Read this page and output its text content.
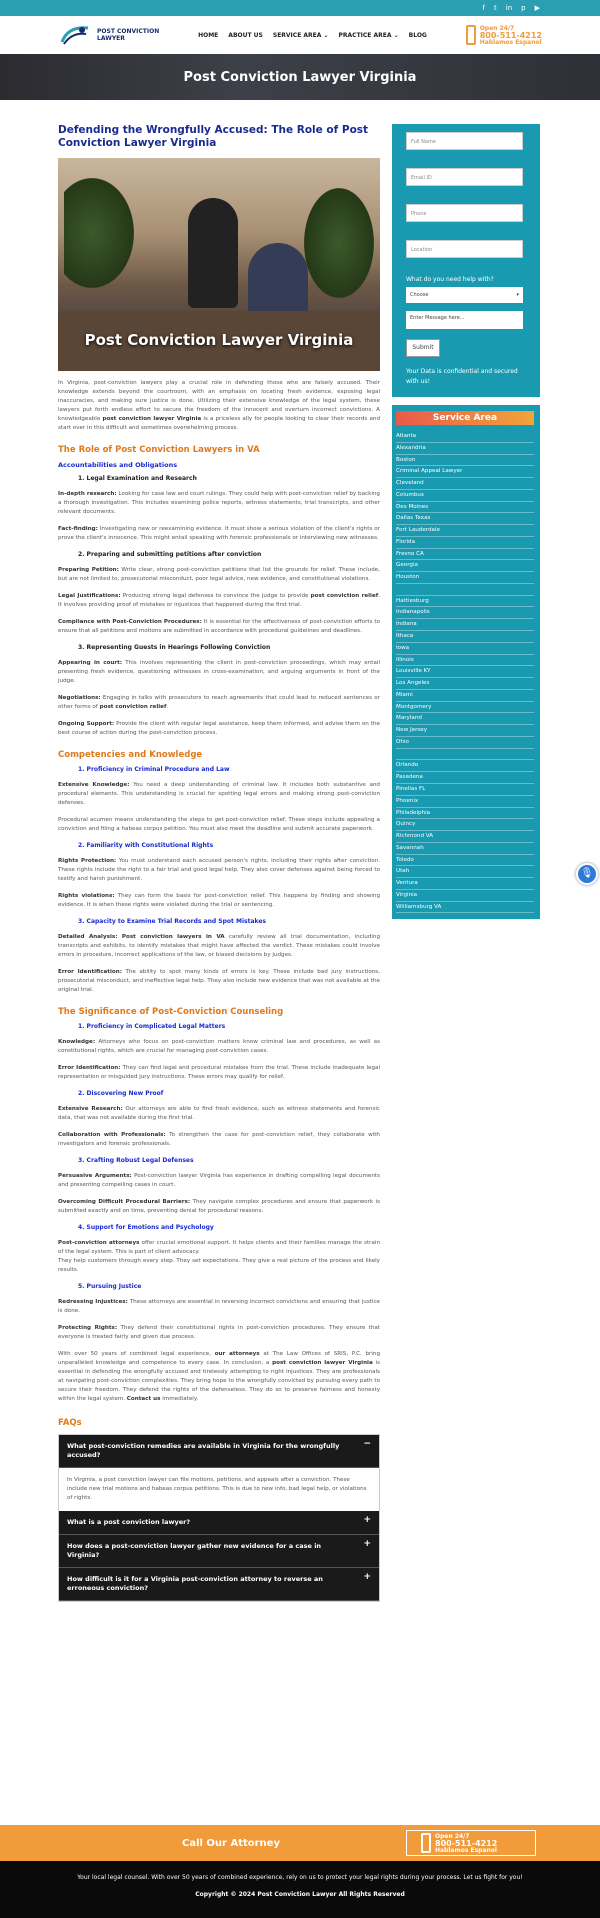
f t in p ▶
POST CONVICTION
LAWYER	HOME ABOUT US SERVICE AREA ⌄ PRACTICE AREA ⌄ BLOG
Open 24/7
800-511-4212
Hablamos Espanol
Post Conviction Lawyer Virginia
Defending the Wrongfully Accused: The Role of Post Conviction Lawyer Virginia
Post Conviction Lawyer Virginia

In Virginia, post-conviction lawyers play a crucial role in defending those who are falsely accused. Their knowledge extends beyond the courtroom, with an emphasis on locating fresh evidence, exposing legal inaccuracies, and making sure justice is done. Utilizing their extensive knowledge of the legal system, these lawyers put forth endless effort to secure the freedom of the innocent and overturn incorrect convictions. A knowledgeable post conviction lawyer Virginia is a priceless ally for people looking to clear their records and start over in this difficult and sometimes overwhelming process.

The Role of Post Conviction Lawyers in VA
Accountabilities and Obligations
1. Legal Examination and Research

In-depth research: Looking for case law and court rulings. They could help with post-conviction relief by backing a thorough investigation. This includes examining police reports, witness statements, trial transcripts, and other relevant documents.

Fact-finding: Investigating new or reexamining evidence. It must show a serious violation of the client's rights or prove the client's innocence. This might entail speaking with forensic professionals or interviewing new witnesses.

2. Preparing and submitting petitions after conviction

Preparing Petition: Write clear, strong post-conviction petitions that list the grounds for relief. These include, but are not limited to, prosecutorial misconduct, poor legal advice, new evidence, and constitutional violations.

Legal Justifications: Producing strong legal defenses to convince the judge to provide post conviction relief. It involves providing proof of mistakes or injustices that happened during the first trial.

Compliance with Post-Conviction Procedures: It is essential for the effectiveness of post-conviction efforts to ensure that all petitions and motions are submitted in accordance with procedural guidelines and deadlines.

3. Representing Guests in Hearings Following Conviction

Appearing in court: This involves representing the client in post-conviction proceedings, which may entail presenting fresh evidence, questioning witnesses in cross-examination, and arguing arguments in front of the judge.

Negotiations: Engaging in talks with prosecutors to reach agreements that could lead to reduced sentences or other forms of post conviction relief.

Ongoing Support: Provide the client with regular legal assistance, keep them informed, and advise them on the best course of action during the post-conviction process.

Competencies and Knowledge
1. Proficiency in Criminal Procedure and Law

Extensive Knowledge: You need a deep understanding of criminal law. It includes both substantive and procedural elements. This understanding is crucial for spotting legal errors and making strong post-conviction defenses.

Procedural acumen means understanding the steps to get post-conviction relief. These steps include appealing a conviction and filing a habeas corpus petition. You must also meet the deadline and submit accurate paperwork.

2. Familiarity with Constitutional Rights

Rights Protection: You must understand each accused person's rights, including their rights after conviction. These rights include the right to a fair trial and good legal help. They also cover defenses against being forced to testify and harsh punishment.

Rights violations: They can form the basis for post-conviction relief. This happens by finding and showing evidence. It is when these rights were violated during the trial or sentencing.

3. Capacity to Examine Trial Records and Spot Mistakes

Detailed Analysis: Post conviction lawyers in VA carefully review all trial documentation, including transcripts and exhibits, to identify mistakes that might have affected the verdict. These mistakes could involve errors in procedure, incorrect applications of the law, or biased decisions by judges.

Error Identification: The ability to spot many kinds of errors is key. These include bad jury instructions, prosecutorial misconduct, and ineffective legal help. They also include new evidence that was not available at the original trial.

The Significance of Post-Conviction Counseling
1. Proficiency in Complicated Legal Matters

Knowledge: Attorneys who focus on post-conviction matters know criminal law and procedures, as well as constitutional rights, which are crucial for managing post-conviction cases.

Error Identification: They can find legal and procedural mistakes from the trial. These include inadequate legal representation or misguided jury instructions. These errors may qualify for relief.

2. Discovering New Proof

Extensive Research: Our attorneys are able to find fresh evidence, such as witness statements and forensic data, that was not available during the first trial.

Collaboration with Professionals: To strengthen the case for post-conviction relief, they collaborate with investigators and forensic professionals.

3. Crafting Robust Legal Defenses

Persuasive Arguments: Post-conviction lawyer Virginia has experience in drafting compelling legal documents and presenting compelling cases in court.

Overcoming Difficult Procedural Barriers: They navigate complex procedures and ensure that paperwork is submitted exactly and on time, preventing denial for procedural reasons.

4. Support for Emotions and Psychology

Post-conviction attorneys offer crucial emotional support. It helps clients and their families manage the strain of the legal system. This is part of client advocacy.

They help customers through every step. They set expectations. They give a real picture of the process and likely results.

5. Pursuing Justice

Redressing Injustices: These attorneys are essential in reversing incorrect convictions and ensuring that justice is done.

Protecting Rights: They defend their constitutional rights in post-conviction procedures. They ensure that everyone is treated fairly and given due process.

With over 50 years of combined legal experience, our attorneys at The Law Offices of SRIS, P.C. bring unparalleled knowledge and competence to every case. In conclusion, a post conviction lawyer Virginia is essential in defending the wrongfully accused and tirelessly attempting to right injustices. They are professionals at navigating post-conviction complexities. They bring hope to the wrongfully convicted by pursuing every path to secure their freedom. They defend the rights of the defenseless. They do so to preserve fairness and honesty within the legal system. Contact us immediately.

FAQs
What post-conviction remedies are available in Virginia for the wrongfully accused?
−
In Virginia, a post conviction lawyer can file motions, petitions, and appeals after a conviction. These include new trial motions and habeas corpus petitions. This is due to new info, bad legal help, or violations of rights.
What is a post conviction lawyer?	+
How does a post-conviction lawyer gather new evidence for a case in Virginia?
+
How difficult is it for a Virginia post-conviction attorney to reverse an erroneous conviction?
+
Full Name
Email ID
Phone
Location
What do you need help with?
Choose	▾
Enter Message here...
Submit
Your Data is confidential and secured with us!
Service Area
Atlanta
Alexandria
Boston
Criminal Appeal Lawyer
Cleveland
Columbus
Des Moines
Dallas Texas
Fort Lauderdale
Florida
Fresno CA
Georgia
Houston
Hattiesburg
Indianapolis
Indiana
Ithaca
Iowa
Illinois
Louisville KY
Los Angeles
Miami
Montgomery
Maryland
New Jersey
Ohio
Orlando
Pasadena
Pinellas FL
Phoenix
Philadelphia
Quincy
Richmond VA
Savannah
Toledo
Utah
Ventura
Virginia
Williamsburg VA
🎙
Call Our Attorney
Open 24/7
800-511-4212
Hablamos Espanol
Your local legal counsel. With over 50 years of combined experience, rely on us to protect your legal rights during your process. Let us fight for you!
Copyright © 2024 Post Conviction Lawyer All Rights Reserved
